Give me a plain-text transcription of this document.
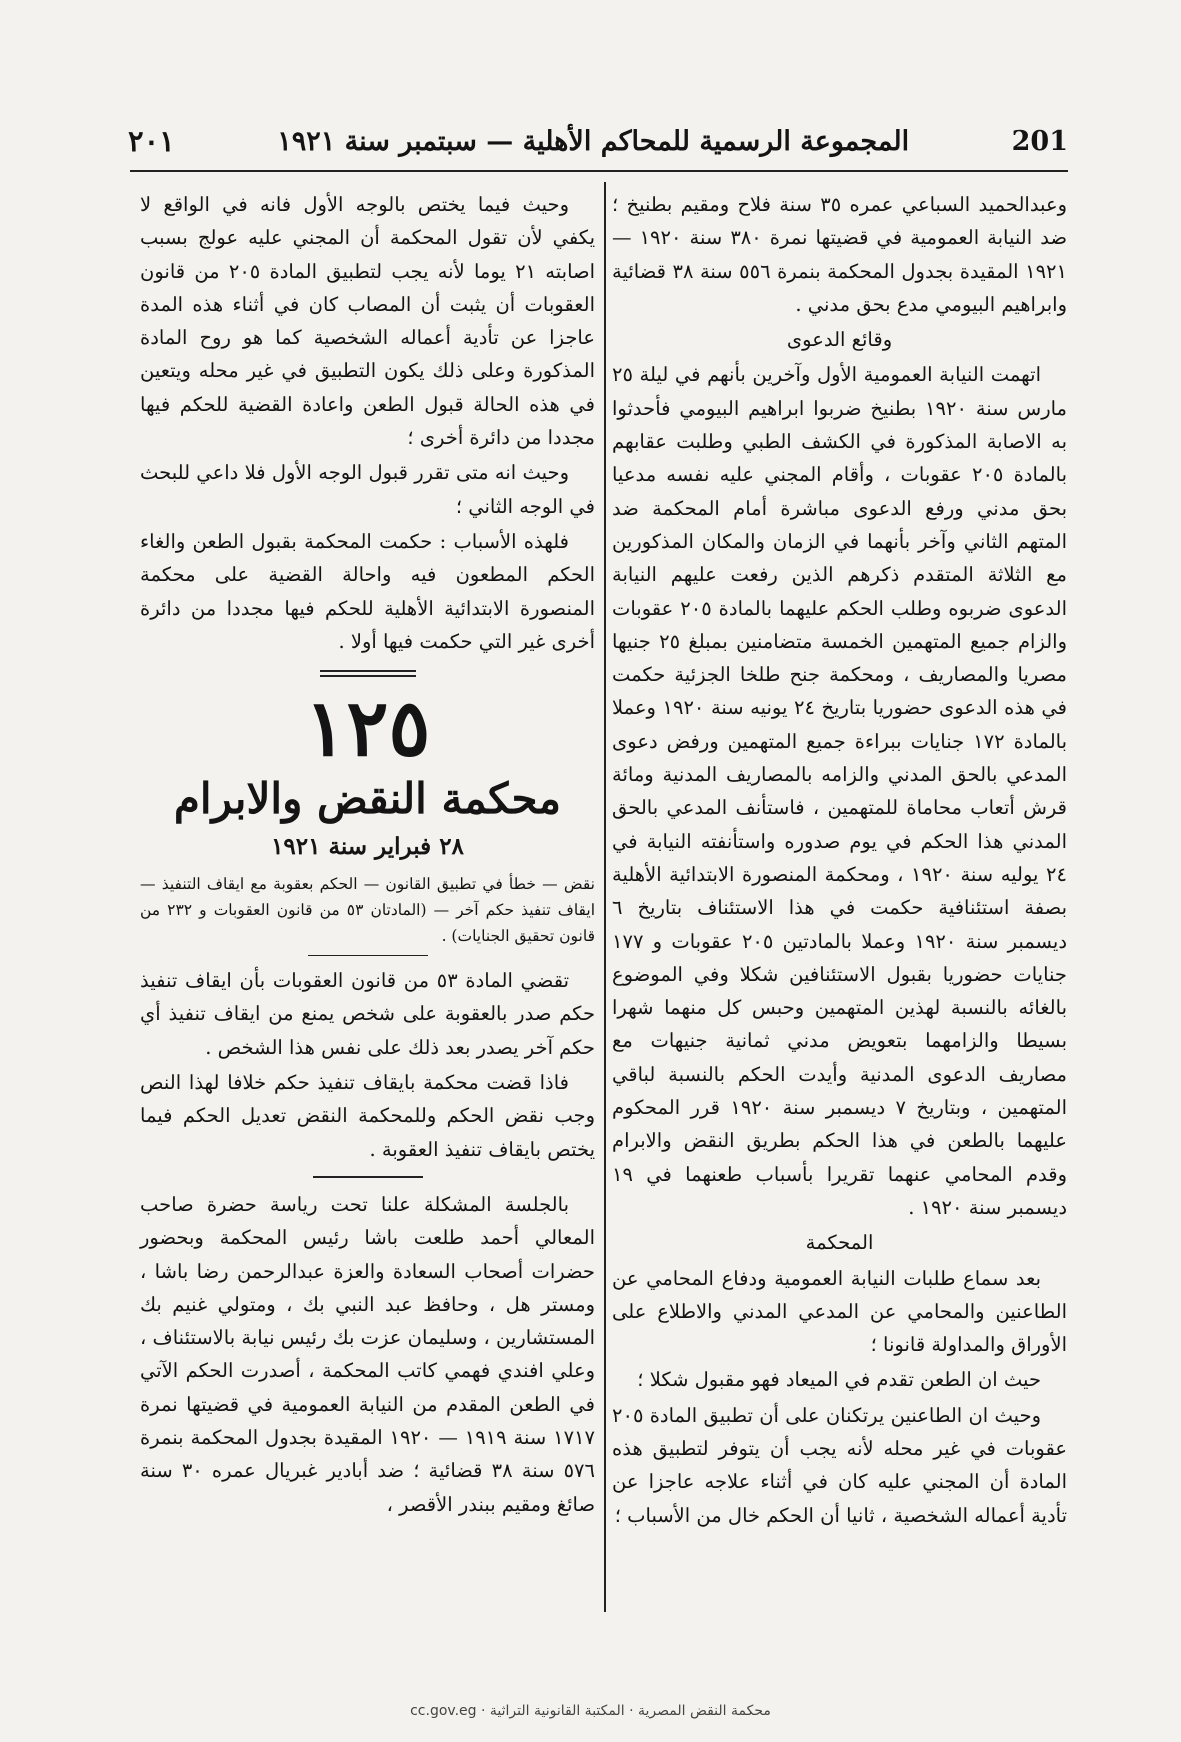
201
المجموعة الرسمية للمحاكم الأهلية — سبتمبر سنة ١٩٢١
٢٠١

وعبدالحميد السباعي عمره ٣٥ سنة فلاح ومقيم بطنيخ ؛ ضد النيابة العمومية في قضيتها نمرة ٣٨٠ سنة ١٩٢٠ — ١٩٢١ المقيدة بجدول المحكمة بنمرة ٥٥٦ سنة ٣٨ قضائية وابراهيم البيومي مدع بحق مدني .

وقائع الدعوى

اتهمت النيابة العمومية الأول وآخرين بأنهم في ليلة ٢٥ مارس سنة ١٩٢٠ بطنيخ ضربوا ابراهيم البيومي فأحدثوا به الاصابة المذكورة في الكشف الطبي وطلبت عقابهم بالمادة ٢٠٥ عقوبات ، وأقام المجني عليه نفسه مدعيا بحق مدني ورفع الدعوى مباشرة أمام المحكمة ضد المتهم الثاني وآخر بأنهما في الزمان والمكان المذكورين مع الثلاثة المتقدم ذكرهم الذين رفعت عليهم النيابة الدعوى ضربوه وطلب الحكم عليهما بالمادة ٢٠٥ عقوبات والزام جميع المتهمين الخمسة متضامنين بمبلغ ٢٥ جنيها مصريا والمصاريف ، ومحكمة جنح طلخا الجزئية حكمت في هذه الدعوى حضوريا بتاريخ ٢٤ يونيه سنة ١٩٢٠ وعملا بالمادة ١٧٢ جنايات ببراءة جميع المتهمين ورفض دعوى المدعي بالحق المدني والزامه بالمصاريف المدنية ومائة قرش أتعاب محاماة للمتهمين ، فاستأنف المدعي بالحق المدني هذا الحكم في يوم صدوره واستأنفته النيابة في ٢٤ يوليه سنة ١٩٢٠ ، ومحكمة المنصورة الابتدائية الأهلية بصفة استئنافية حكمت في هذا الاستئناف بتاريخ ٦ ديسمبر سنة ١٩٢٠ وعملا بالمادتين ٢٠٥ عقوبات و ١٧٧ جنايات حضوريا بقبول الاستئنافين شكلا وفي الموضوع بالغائه بالنسبة لهذين المتهمين وحبس كل منهما شهرا بسيطا والزامهما بتعويض مدني ثمانية جنيهات مع مصاريف الدعوى المدنية وأيدت الحكم بالنسبة لباقي المتهمين ، وبتاريخ ٧ ديسمبر سنة ١٩٢٠ قرر المحكوم عليهما بالطعن في هذا الحكم بطريق النقض والابرام وقدم المحامي عنهما تقريرا بأسباب طعنهما في ١٩ ديسمبر سنة ١٩٢٠ .

المحكمة

بعد سماع طلبات النيابة العمومية ودفاع المحامي عن الطاعنين والمحامي عن المدعي المدني والاطلاع على الأوراق والمداولة قانونا ؛

حيث ان الطعن تقدم في الميعاد فهو مقبول شكلا ؛

وحيث ان الطاعنين يرتكنان على أن تطبيق المادة ٢٠٥ عقوبات في غير محله لأنه يجب أن يتوفر لتطبيق هذه المادة أن المجني عليه كان في أثناء علاجه عاجزا عن تأدية أعماله الشخصية ، ثانيا أن الحكم خال من الأسباب ؛

وحيث فيما يختص بالوجه الأول فانه في الواقع لا يكفي لأن تقول المحكمة أن المجني عليه عولج بسبب اصابته ٢١ يوما لأنه يجب لتطبيق المادة ٢٠٥ من قانون العقوبات أن يثبت أن المصاب كان في أثناء هذه المدة عاجزا عن تأدية أعماله الشخصية كما هو روح المادة المذكورة وعلى ذلك يكون التطبيق في غير محله ويتعين في هذه الحالة قبول الطعن واعادة القضية للحكم فيها مجددا من دائرة أخرى ؛

وحيث انه متى تقرر قبول الوجه الأول فلا داعي للبحث في الوجه الثاني ؛

فلهذه الأسباب : حكمت المحكمة بقبول الطعن والغاء الحكم المطعون فيه واحالة القضية على محكمة المنصورة الابتدائية الأهلية للحكم فيها مجددا من دائرة أخرى غير التي حكمت فيها أولا .

١٢٥
محكمة النقض والابرام
٢٨ فبراير سنة ١٩٢١
نقض — خطأ في تطبيق القانون — الحكم بعقوبة مع ايقاف التنفيذ — ايقاف تنفيذ حكم آخر — (المادتان ٥٣ من قانون العقوبات و ٢٣٢ من قانون تحقيق الجنايات) .

تقضي المادة ٥٣ من قانون العقوبات بأن ايقاف تنفيذ حكم صدر بالعقوبة على شخص يمنع من ايقاف تنفيذ أي حكم آخر يصدر بعد ذلك على نفس هذا الشخص .

فاذا قضت محكمة بايقاف تنفيذ حكم خلافا لهذا النص وجب نقض الحكم وللمحكمة النقض تعديل الحكم فيما يختص بايقاف تنفيذ العقوبة .

بالجلسة المشكلة علنا تحت رياسة حضرة صاحب المعالي أحمد طلعت باشا رئيس المحكمة وبحضور حضرات أصحاب السعادة والعزة عبدالرحمن رضا باشا ، ومستر هل ، وحافظ عبد النبي بك ، ومتولي غنيم بك المستشارين ، وسليمان عزت بك رئيس نيابة بالاستئناف ، وعلي افندي فهمي كاتب المحكمة ، أصدرت الحكم الآتي في الطعن المقدم من النيابة العمومية في قضيتها نمرة ١٧١٧ سنة ١٩١٩ — ١٩٢٠ المقيدة بجدول المحكمة بنمرة ٥٧٦ سنة ٣٨ قضائية ؛ ضد أبادير غبريال عمره ٣٠ سنة صائغ ومقيم ببندر الأقصر ،

cc.gov.eg · محكمة النقض المصرية · المكتبة القانونية التراثية
